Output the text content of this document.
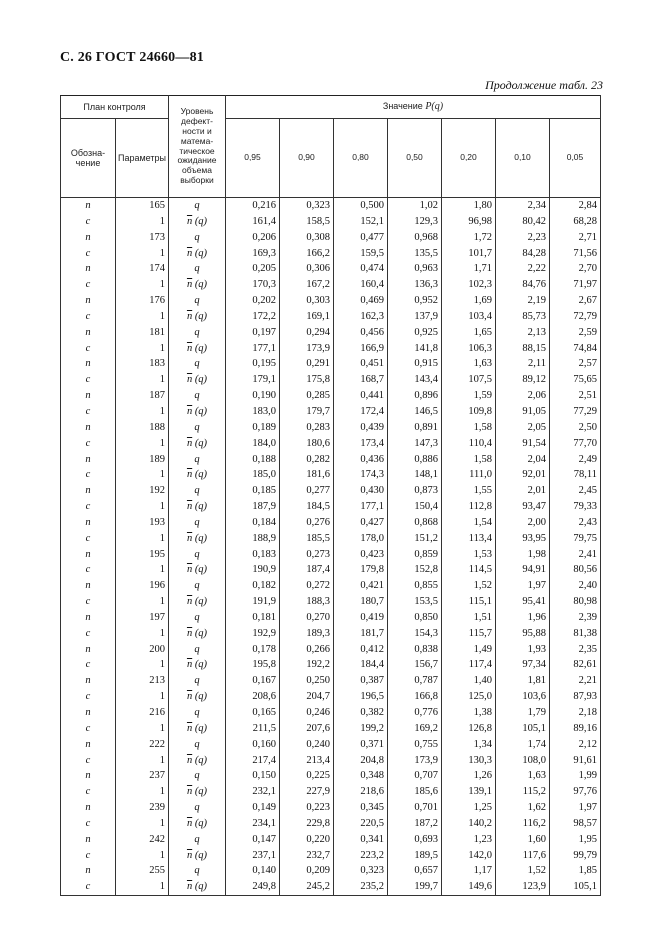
С. 26 ГОСТ 24660—81
Продолжение табл. 23
План контроля		Уровень дефект-ности и матема-тическое ожидание объема выборки	Значение P(q)						
Обозна-чение	Параметры		0,95	0,90	0,80	0,50	0,20	0,10	0,05
n	165	q	0,216	0,323	0,500	1,02	1,80	2,34	2,84
c	1	$\overline{n}$ (q)	161,4	158,5	152,1	129,3	96,98	80,42	68,28
n	173	q	0,206	0,308	0,477	0,968	1,72	2,23	2,71
c	1	$\overline{n}$ (q)	169,3	166,2	159,5	135,5	101,7	84,28	71,56
n	174	q	0,205	0,306	0,474	0,963	1,71	2,22	2,70
c	1	$\overline{n}$ (q)	170,3	167,2	160,4	136,3	102,3	84,76	71,97
n	176	q	0,202	0,303	0,469	0,952	1,69	2,19	2,67
c	1	$\overline{n}$ (q)	172,2	169,1	162,3	137,9	103,4	85,73	72,79
n	181	q	0,197	0,294	0,456	0,925	1,65	2,13	2,59
c	1	$\overline{n}$ (q)	177,1	173,9	166,9	141,8	106,3	88,15	74,84
n	183	q	0,195	0,291	0,451	0,915	1,63	2,11	2,57
c	1	$\overline{n}$ (q)	179,1	175,8	168,7	143,4	107,5	89,12	75,65
n	187	q	0,190	0,285	0,441	0,896	1,59	2,06	2,51
c	1	$\overline{n}$ (q)	183,0	179,7	172,4	146,5	109,8	91,05	77,29
n	188	q	0,189	0,283	0,439	0,891	1,58	2,05	2,50
c	1	$\overline{n}$ (q)	184,0	180,6	173,4	147,3	110,4	91,54	77,70
n	189	q	0,188	0,282	0,436	0,886	1,58	2,04	2,49
c	1	$\overline{n}$ (q)	185,0	181,6	174,3	148,1	111,0	92,01	78,11
n	192	q	0,185	0,277	0,430	0,873	1,55	2,01	2,45
c	1	$\overline{n}$ (q)	187,9	184,5	177,1	150,4	112,8	93,47	79,33
n	193	q	0,184	0,276	0,427	0,868	1,54	2,00	2,43
c	1	$\overline{n}$ (q)	188,9	185,5	178,0	151,2	113,4	93,95	79,75
n	195	q	0,183	0,273	0,423	0,859	1,53	1,98	2,41
c	1	$\overline{n}$ (q)	190,9	187,4	179,8	152,8	114,5	94,91	80,56
n	196	q	0,182	0,272	0,421	0,855	1,52	1,97	2,40
c	1	$\overline{n}$ (q)	191,9	188,3	180,7	153,5	115,1	95,41	80,98
n	197	q	0,181	0,270	0,419	0,850	1,51	1,96	2,39
c	1	$\overline{n}$ (q)	192,9	189,3	181,7	154,3	115,7	95,88	81,38
n	200	q	0,178	0,266	0,412	0,838	1,49	1,93	2,35
c	1	$\overline{n}$ (q)	195,8	192,2	184,4	156,7	117,4	97,34	82,61
n	213	q	0,167	0,250	0,387	0,787	1,40	1,81	2,21
c	1	$\overline{n}$ (q)	208,6	204,7	196,5	166,8	125,0	103,6	87,93
n	216	q	0,165	0,246	0,382	0,776	1,38	1,79	2,18
c	1	$\overline{n}$ (q)	211,5	207,6	199,2	169,2	126,8	105,1	89,16
n	222	q	0,160	0,240	0,371	0,755	1,34	1,74	2,12
c	1	$\overline{n}$ (q)	217,4	213,4	204,8	173,9	130,3	108,0	91,61
n	237	q	0,150	0,225	0,348	0,707	1,26	1,63	1,99
c	1	$\overline{n}$ (q)	232,1	227,9	218,6	185,6	139,1	115,2	97,76
n	239	q	0,149	0,223	0,345	0,701	1,25	1,62	1,97
c	1	$\overline{n}$ (q)	234,1	229,8	220,5	187,2	140,2	116,2	98,57
n	242	q	0,147	0,220	0,341	0,693	1,23	1,60	1,95
c	1	$\overline{n}$ (q)	237,1	232,7	223,2	189,5	142,0	117,6	99,79
n	255	q	0,140	0,209	0,323	0,657	1,17	1,52	1,85
c	1	$\overline{n}$ (q)	249,8	245,2	235,2	199,7	149,6	123,9	105,1
